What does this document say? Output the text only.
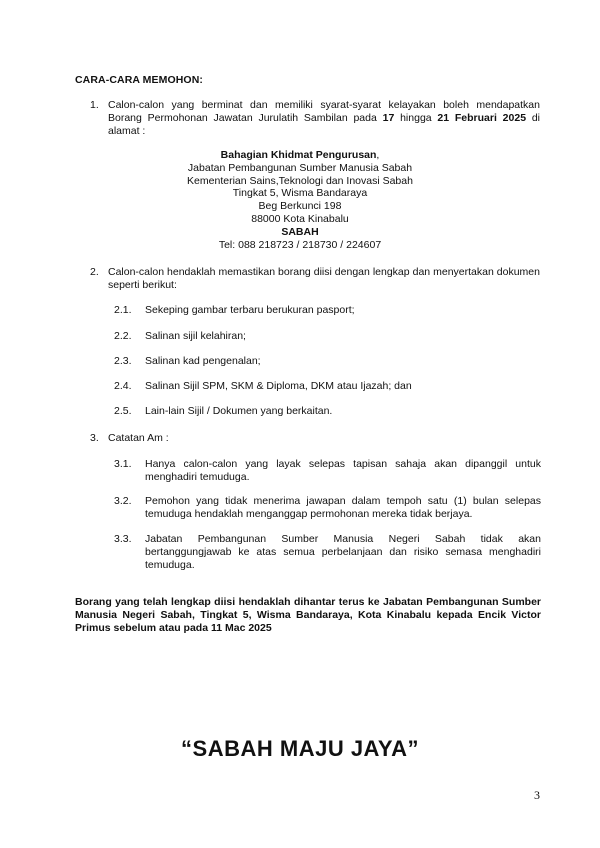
CARA-CARA MEMOHON:
1. Calon-calon yang berminat dan memiliki syarat-syarat kelayakan boleh mendapatkan Borang Permohonan Jawatan Jurulatih Sambilan pada 17 hingga 21 Februari 2025 di alamat :
Bahagian Khidmat Pengurusan,
Jabatan Pembangunan Sumber Manusia Sabah
Kementerian Sains,Teknologi dan Inovasi Sabah
Tingkat 5, Wisma Bandaraya
Beg Berkunci 198
88000 Kota Kinabalu
SABAH
Tel: 088 218723 / 218730 / 224607
2. Calon-calon hendaklah memastikan borang diisi dengan lengkap dan menyertakan dokumen seperti berikut:
2.1. Sekeping gambar terbaru berukuran pasport;
2.2. Salinan sijil kelahiran;
2.3. Salinan kad pengenalan;
2.4. Salinan Sijil SPM, SKM & Diploma, DKM atau Ijazah; dan
2.5. Lain-lain Sijil / Dokumen yang berkaitan.
3. Catatan Am :
3.1. Hanya calon-calon yang layak selepas tapisan sahaja akan dipanggil untuk menghadiri temuduga.
3.2. Pemohon yang tidak menerima jawapan dalam tempoh satu (1) bulan selepas temuduga hendaklah menganggap permohonan mereka tidak berjaya.
3.3. Jabatan Pembangunan Sumber Manusia Negeri Sabah tidak akan bertanggungjawab ke atas semua perbelanjaan dan risiko semasa menghadiri temuduga.
Borang yang telah lengkap diisi hendaklah dihantar terus ke Jabatan Pembangunan Sumber Manusia Negeri Sabah, Tingkat 5, Wisma Bandaraya, Kota Kinabalu kepada Encik Victor Primus sebelum atau pada 11 Mac 2025
“SABAH MAJU JAYA”
3
